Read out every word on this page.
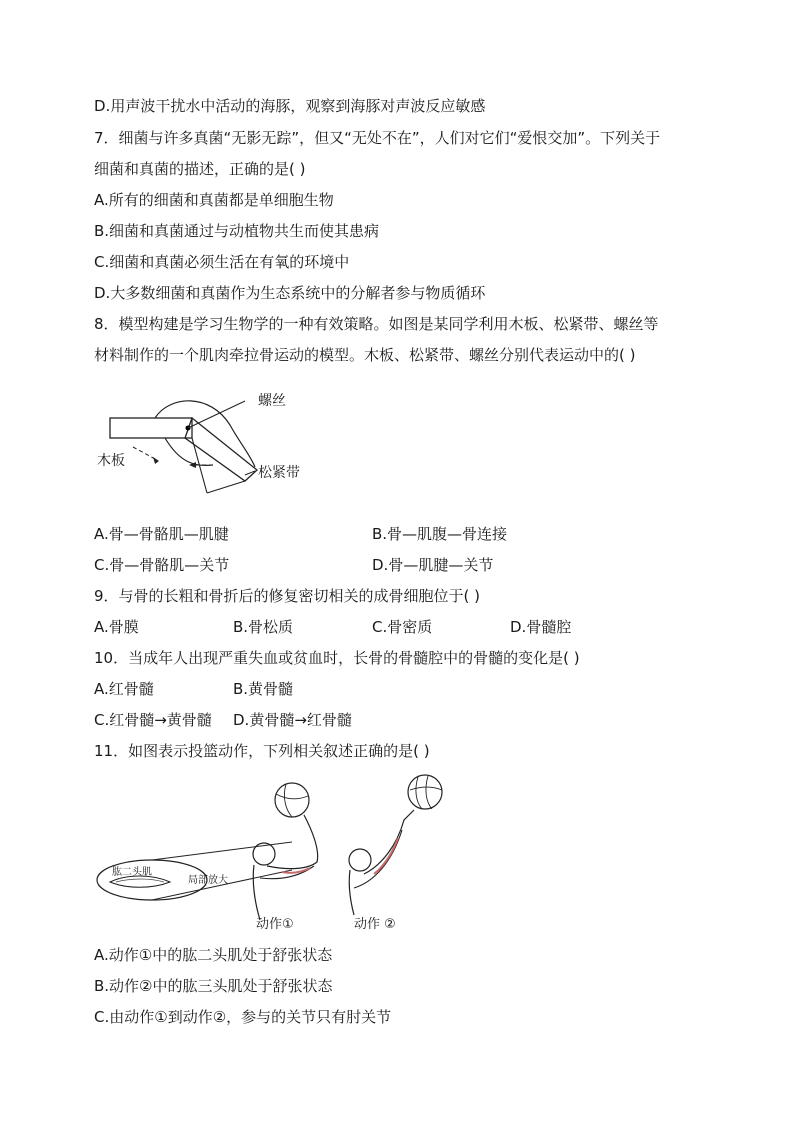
D.用声波干扰水中活动的海豚，观察到海豚对声波反应敏感
7．细菌与许多真菌“无影无踪”，但又“无处不在”，人们对它们“爱恨交加”。下列关于
细菌和真菌的描述，正确的是( )
A.所有的细菌和真菌都是单细胞生物
B.细菌和真菌通过与动植物共生而使其患病
C.细菌和真菌必须生活在有氧的环境中
D.大多数细菌和真菌作为生态系统中的分解者参与物质循环
8．模型构建是学习生物学的一种有效策略。如图是某同学利用木板、松紧带、螺丝等
材料制作的一个肌肉牵拉骨运动的模型。木板、松紧带、螺丝分别代表运动中的( )
螺丝
木板
松紧带
A.骨—骨骼肌—肌腱	B.骨—肌腹—骨连接
C.骨—骨骼肌—关节	D.骨—肌腱—关节
9．与骨的长粗和骨折后的修复密切相关的成骨细胞位于( )
A.骨膜	B.骨松质	C.骨密质	D.骨髓腔
10．当成年人出现严重失血或贫血时，长骨的骨髓腔中的骨髓的变化是( )
A.红骨髓	B.黄骨髓
C.红骨髓→黄骨髓 D.黄骨髓→红骨髓
11．如图表示投篮动作，下列相关叙述正确的是( )
肱二头肌
局部放大
动作①	动作 ②
A.动作①中的肱二头肌处于舒张状态
B.动作②中的肱三头肌处于舒张状态
C.由动作①到动作②，参与的关节只有肘关节
